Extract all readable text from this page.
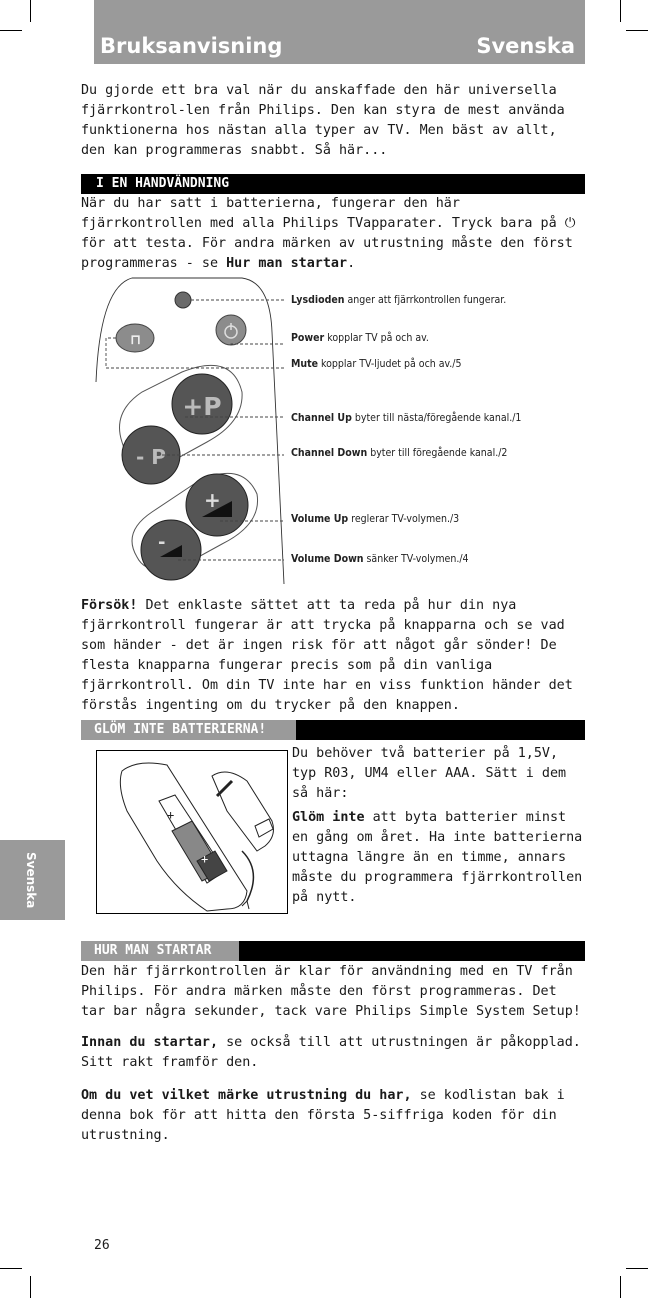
Bruksanvisning	Svenska

Du gjorde ett bra val när du anskaffade den här universella fjärrkontrol-len från Philips. Den kan styra de mest använda funktionerna hos nästan alla typer av TV. Men bäst av allt, den kan programmeras snabbt. Så här...

I EN HANDVÄNDNING

När du har satt i batterierna, fungerar den här fjärrkontrollen med alla Philips TVapparater. Tryck bara på ⏻ för att testa. För andra märken av utrustning måste den först programmeras - se Hur man startar.

⊓
+P
- P
+
-
Lysdioden anger att fjärrkontrollen fungerar.
Power kopplar TV på och av.
Mute kopplar TV-ljudet på och av./5
Channel Up byter till nästa/föregående kanal./1
Channel Down byter till föregående kanal./2
Volume Up reglerar TV-volymen./3
Volume Down sänker TV-volymen./4

Försök! Det enklaste sättet att ta reda på hur din nya fjärrkontroll fungerar är att trycka på knapparna och se vad som händer - det är ingen risk för att något går sönder! De flesta knapparna fungerar precis som på din vanliga fjärrkontroll. Om din TV inte har en viss funktion händer det förstås ingenting om du trycker på den knappen.

GLÖM INTE BATTERIERNA!
+
+

Du behöver två batterier på 1,5V, typ R03, UM4 eller AAA. Sätt i dem så här:

Glöm inte att byta batterier minst en gång om året. Ha inte batterierna uttagna längre än en timme, annars måste du programmera fjärrkontrollen på nytt.

Svenska
HUR MAN STARTAR

Den här fjärrkontrollen är klar för användning med en TV från Philips. För andra märken måste den först programmeras. Det tar bar några sekunder, tack vare Philips Simple System Setup!

Innan du startar, se också till att utrustningen är påkopplad. Sitt rakt framför den.

Om du vet vilket märke utrustning du har, se kodlistan bak i denna bok för att hitta den första 5-siffriga koden för din utrustning.

26
